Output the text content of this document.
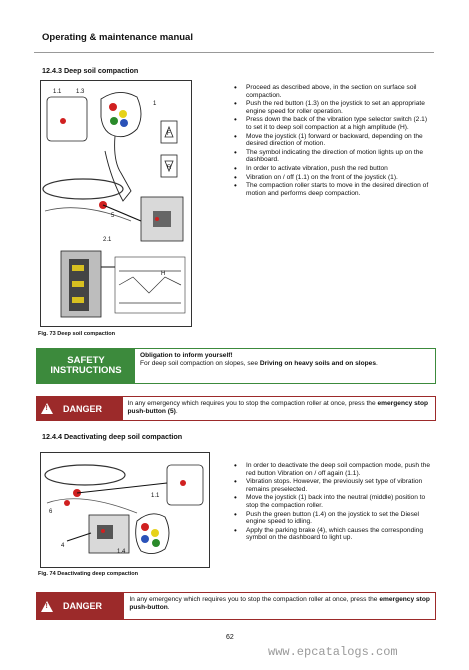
Operating & maintenance manual
12.4.3 Deep soil compaction
1.1 1.3
1
F
R
5
2.1
H
• Proceed as described above, in the section on surface soil compaction.
• Push the red button (1.3) on the joystick to set an appropriate engine speed for roller operation.
• Press down the back of the vibration type selector switch (2.1) to set it to deep soil compaction at a high amplitude (H).
• Move the joystick (1) forward or backward, depending on the desired direction of motion.
• The symbol indicating the direction of motion lights up on the dashboard.
• In order to activate vibration, push the red button
• Vibration on / off (1.1) on the front of the joystick (1).
• The compaction roller starts to move in the desired direction of motion and performs deep compaction.
Fig. 73 Deep soil compaction
SAFETY INSTRUCTIONS
Obligation to inform yourself!
For deep soil compaction on slopes, see Driving on heavy soils and on slopes.
!
DANGER	In any emergency which requires you to stop the compaction roller at once, press the emergency stop push-button (5).
12.4.4 Deactivating deep soil compaction
1.1
6
4
1.4
• In order to deactivate the deep soil compaction mode, push the red button Vibration on / off again (1.1).
• Vibration stops. However, the previously set type of vibration remains preselected.
• Move the joystick (1) back into the neutral (middle) position to stop the compaction roller.
• Push the green button (1.4) on the joystick to set the Diesel engine speed to idling.
• Apply the parking brake (4), which causes the corresponding symbol on the dashboard to light up.
Fig. 74 Deactivating deep compaction
!
DANGER
In any emergency which requires you to stop the compaction roller at once, press the emergency stop push-button.
62
www.epcatalogs.com
